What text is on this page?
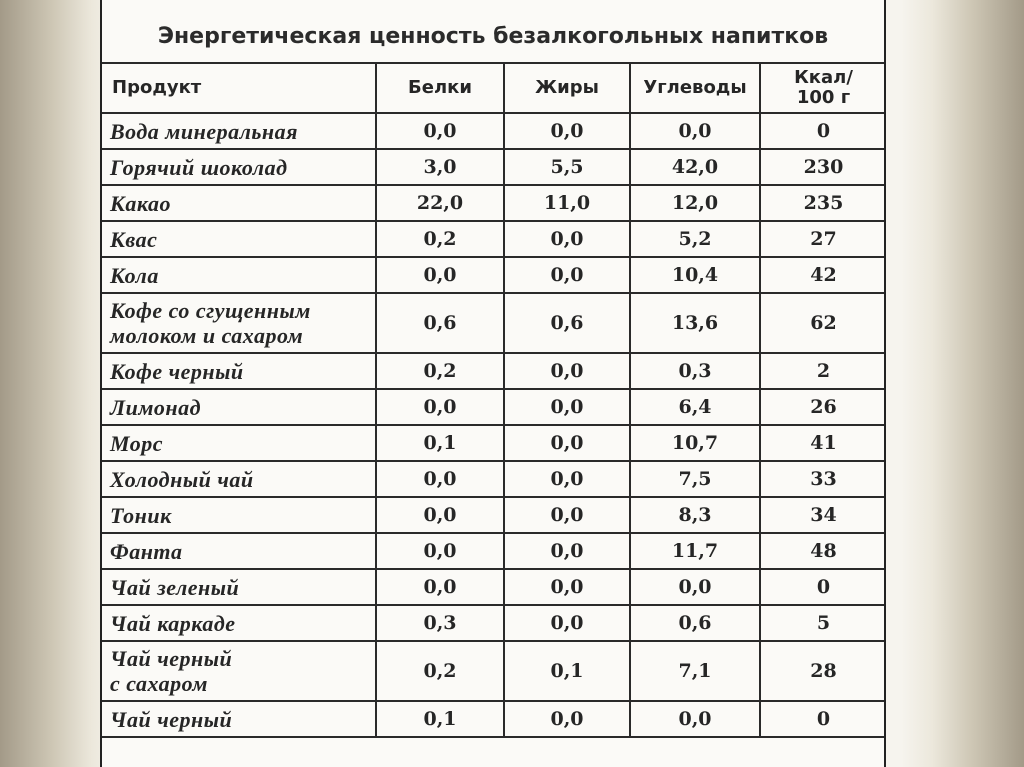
Энергетическая ценность безалкогольных напитков
Продукт	Белки	Жиры	Углеводы	Ккал/
100 г
Вода минеральная	0,0	0,0	0,0	0
Горячий шоколад	3,0	5,5	42,0	230
Какао	22,0	11,0	12,0	235
Квас	0,2	0,0	5,2	27
Кола	0,0	0,0	10,4	42
Кофе со сгущенным
молоком и сахаром	0,6	0,6	13,6	62
Кофе черный	0,2	0,0	0,3	2
Лимонад	0,0	0,0	6,4	26
Морс	0,1	0,0	10,7	41
Холодный чай	0,0	0,0	7,5	33
Тоник	0,0	0,0	8,3	34
Фанта	0,0	0,0	11,7	48
Чай зеленый	0,0	0,0	0,0	0
Чай каркаде	0,3	0,0	0,6	5
Чай черный
с сахаром	0,2	0,1	7,1	28
Чай черный	0,1	0,0	0,0	0
